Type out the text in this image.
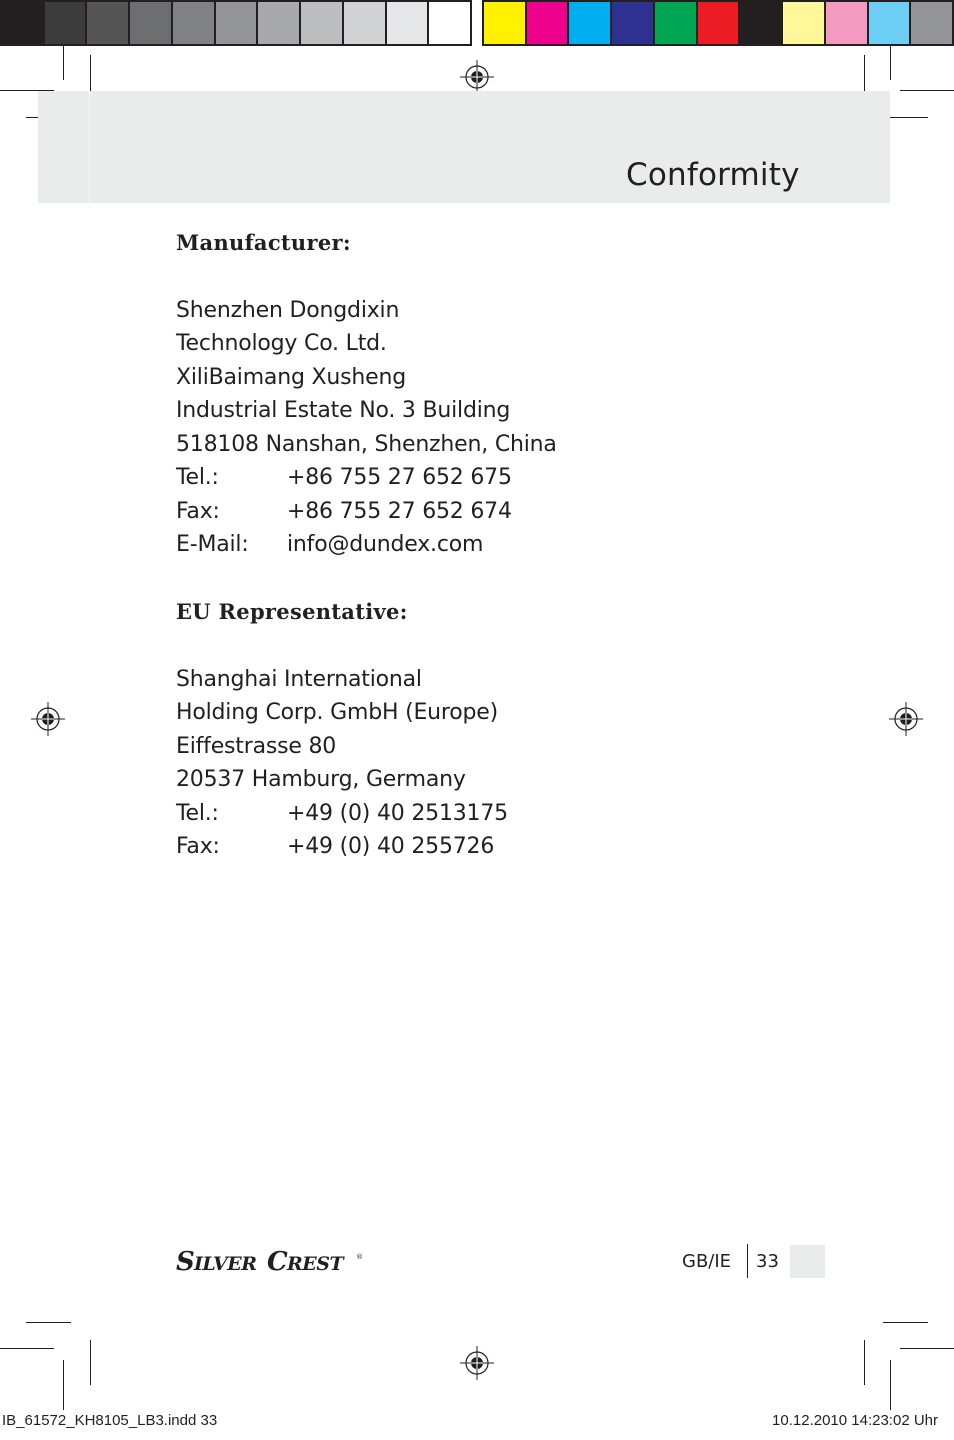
Conformity
Manufacturer:
Shenzhen Dongdixin
Technology Co. Ltd.
XiliBaimang Xusheng
Industrial Estate No. 3 Building
518108 Nanshan, Shenzhen, China
Tel.:	+86 755 27 652 675
Fax:	+86 755 27 652 674
E-Mail:	info@dundex.com
EU Representative:
Shanghai International
Holding Corp. GmbH (Europe)
Eiffestrasse 80
20537 Hamburg, Germany
Tel.:	+49 (0) 40 2513175
Fax:	+49 (0) 40 255726
S ILVER C REST	®	GB/IE 33
IB_61572_KH8105_LB3.indd 33	10.12.2010 14:23:02 Uhr
